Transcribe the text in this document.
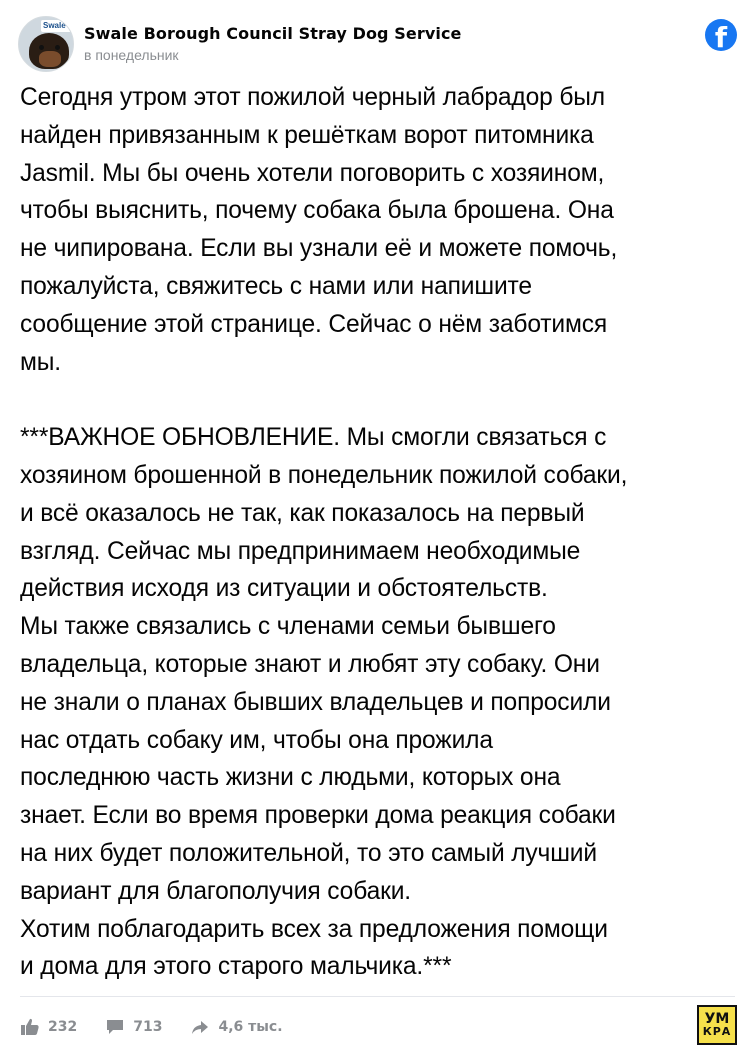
Swale	Swale Borough Council Stray Dog Service
в понедельник
f
Сегодня утром этот пожилой черный лабрадор был
найден привязанным к решёткам ворот питомника
Jasmil. Мы бы очень хотели поговорить с хозяином,
чтобы выяснить, почему собака была брошена. Она
не чипирована. Если вы узнали её и можете помочь,
пожалуйста, свяжитесь с нами или напишите
сообщение этой странице. Сейчас о нём заботимся
мы.

***ВАЖНОЕ ОБНОВЛЕНИЕ. Мы смогли связаться с
хозяином брошенной в понедельник пожилой собаки,
и всё оказалось не так, как показалось на первый
взгляд. Сейчас мы предпринимаем необходимые
действия исходя из ситуации и обстоятельств.
Мы также связались с членами семьи бывшего
владельца, которые знают и любят эту собаку. Они
не знали о планах бывших владельцев и попросили
нас отдать собаку им, чтобы она прожила
последнюю часть жизни с людьми, которых она
знает. Если во время проверки дома реакция собаки
на них будет положительной, то это самый лучший
вариант для благополучия собаки.
Хотим поблагодарить всех за предложения помощи
и дома для этого старого мальчика.***
232	713	4,6 тыс.	УМ
КРА
